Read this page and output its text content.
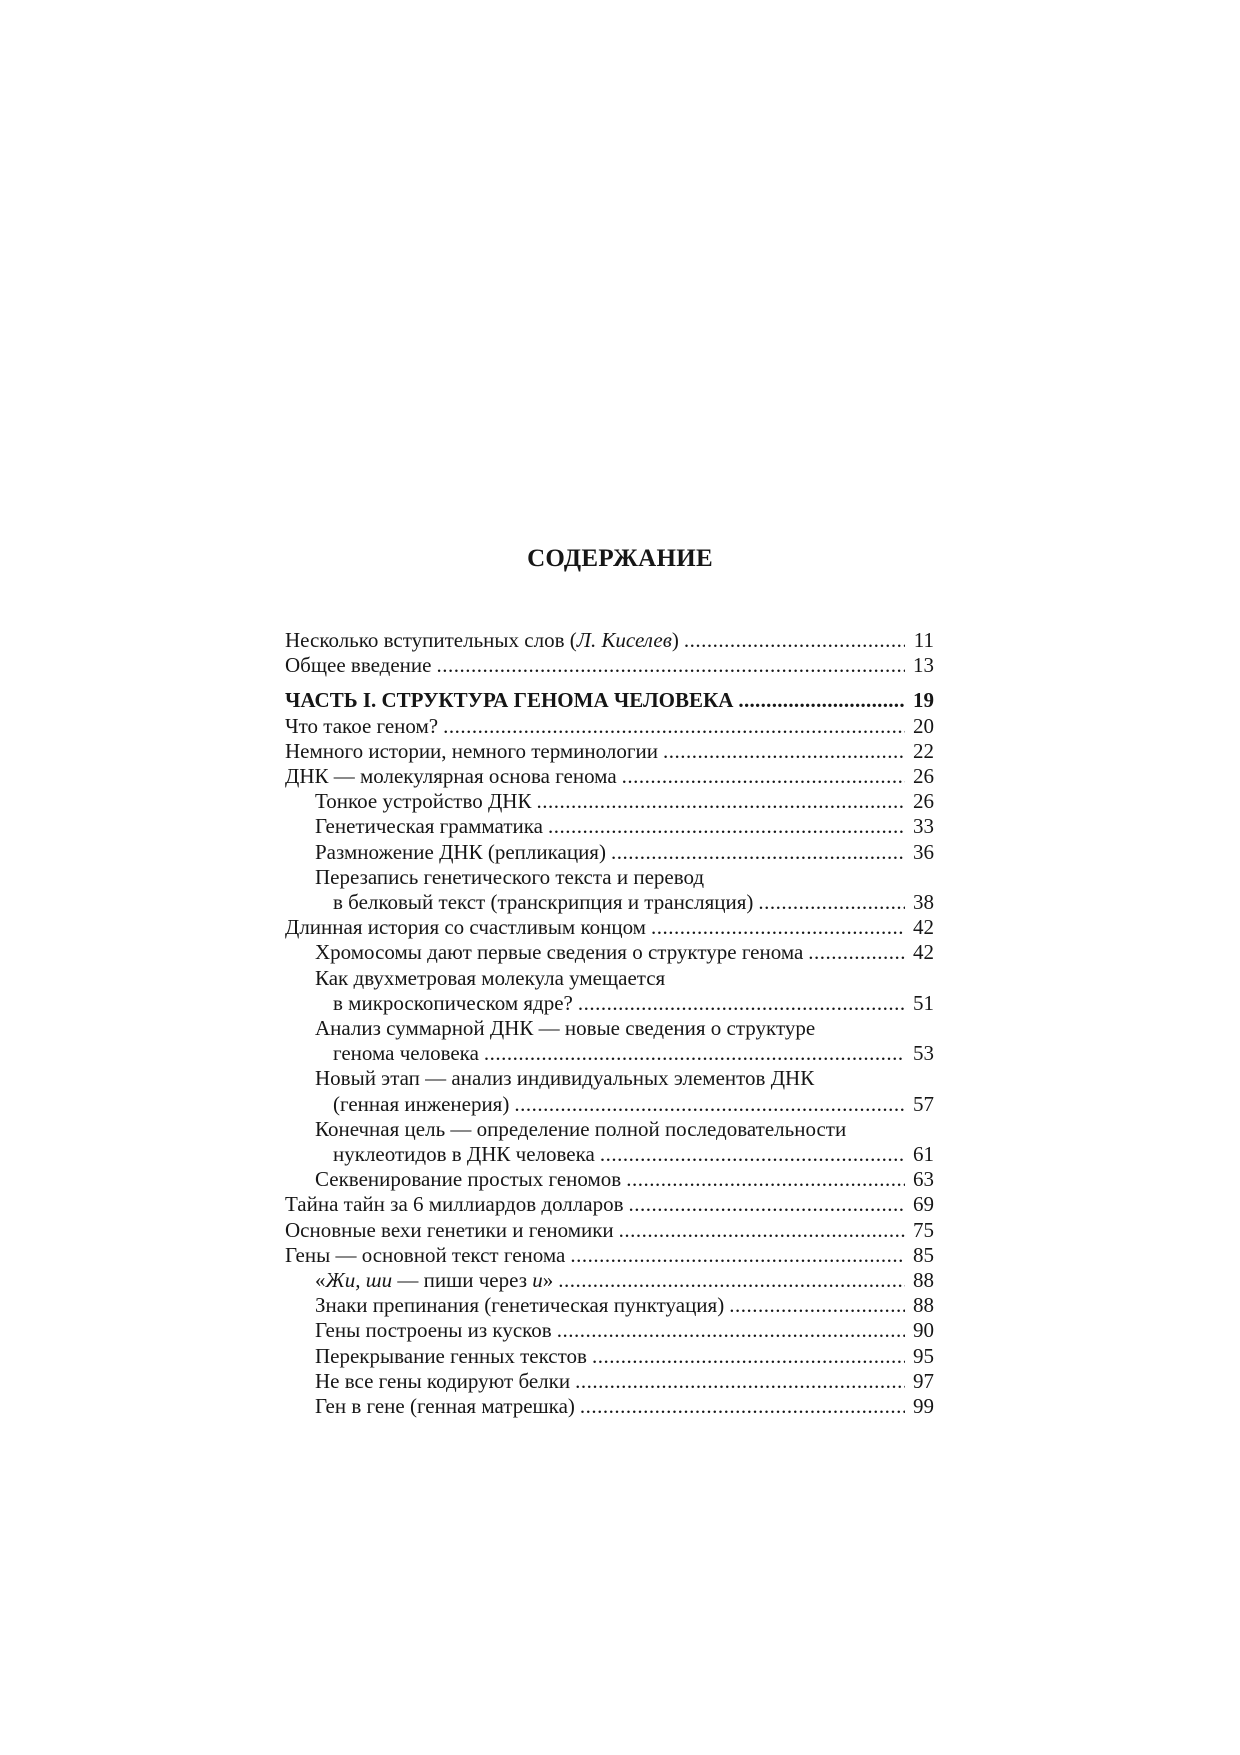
СОДЕРЖАНИЕ
Несколько вступительных слов (Л. Киселев) .....	11
Общее введение .....	13
ЧАСТЬ I. СТРУКТУРА ГЕНОМА ЧЕЛОВЕКА .....	19
Что такое геном? .....	20
Немного истории, немного терминологии .....	22
ДНК — молекулярная основа генома .....	26
Тонкое устройство ДНК .....	26
Генетическая грамматика .....	33
Размножение ДНК (репликация) .....	36
Перезапись генетического текста и перевод
в белковый текст (транскрипция и трансляция) .....	38
Длинная история со счастливым концом .....	42
Хромосомы дают первые сведения о структуре генома .....	42
Как двухметровая молекула умещается
в микроскопическом ядре? .....	51
Анализ суммарной ДНК — новые сведения о структуре
генома человека .....	53
Новый этап — анализ индивидуальных элементов ДНК
(генная инженерия) .....	57
Конечная цель — определение полной последовательности
нуклеотидов в ДНК человека .....	61
Секвенирование простых геномов .....	63
Тайна тайн за 6 миллиардов долларов .....	69
Основные вехи генетики и геномики .....	75
Гены — основной текст генома .....	85
«Жи, ши — пиши через и» .....	88
Знаки препинания (генетическая пунктуация) .....	88
Гены построены из кусков .....	90
Перекрывание генных текстов .....	95
Не все гены кодируют белки .....	97
Ген в гене (генная матрешка) .....	99
